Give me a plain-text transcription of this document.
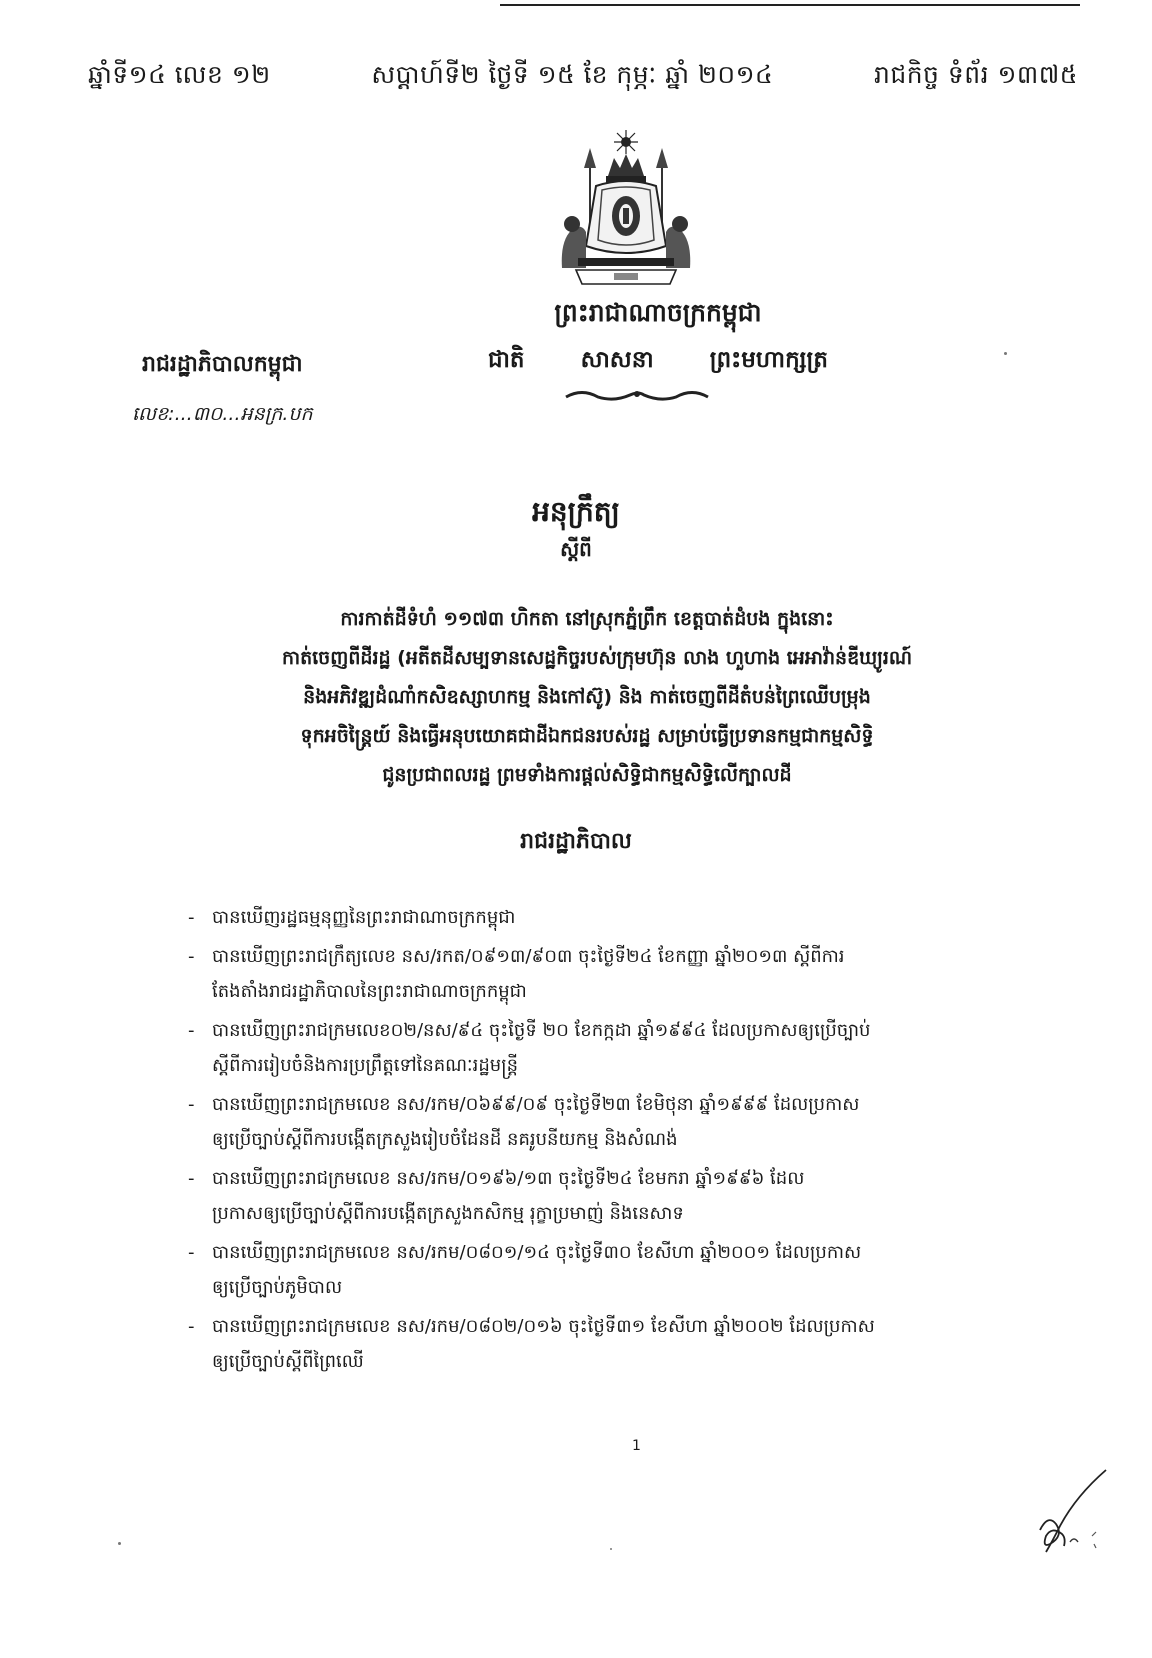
ឆ្នាំទី១៤ លេខ ១២	សប្តាហ៍ទី២ ថ្ងៃទី ១៥ ខែ កុម្ភៈ ឆ្នាំ ២០១៤	រាជកិច្ច ទំព័រ ១៣៧៥
ព្រះរាជាណាចក្រកម្ពុជា
ជាតិ សាសនា ព្រះមហាក្សត្រ
រាជរដ្ឋាភិបាលកម្ពុជា
លេខ:...៣០...អនក្រ.បក
អនុក្រឹត្យ
ស្តីពី
ការកាត់ដីទំហំ ១១៧៣ ហិកតា នៅស្រុកភ្នំព្រឹក ខេត្តបាត់ដំបង ក្នុងនោះ
កាត់ចេញពីដីរដ្ឋ (អតីតដីសម្បទានសេដ្ឋកិច្ចរបស់ក្រុមហ៊ុន លាង ហួហាង អេអាវ៉ាន់ឌីឃ្យូរណ៍
និងអភិវឌ្ឍដំណាំកសិឧស្សាហកម្ម និងកៅស៊ូ) និង កាត់ចេញពីដីតំបន់ព្រៃឈើបម្រុង
ទុកអចិន្ត្រៃយ៍ និងធ្វើអនុបយោគជាដីឯកជនរបស់រដ្ឋ សម្រាប់ធ្វើប្រទានកម្មជាកម្មសិទ្ធិ
ជូនប្រជាពលរដ្ឋ ព្រមទាំងការផ្តល់សិទ្ធិជាកម្មសិទ្ធិលើក្បាលដី
រាជរដ្ឋាភិបាល
- បានឃើញរដ្ឋធម្មនុញ្ញនៃព្រះរាជាណាចក្រកម្ពុជា

- បានឃើញព្រះរាជក្រឹត្យលេខ នស/រកត/០៩១៣/៩០៣ ចុះថ្ងៃទី២៤ ខែកញ្ញា ឆ្នាំ២០១៣ ស្តីពីការ

តែងតាំងរាជរដ្ឋាភិបាលនៃព្រះរាជាណាចក្រកម្ពុជា

- បានឃើញព្រះរាជក្រមលេខ០២/នស/៩៤ ចុះថ្ងៃទី ២០ ខែកក្កដា ឆ្នាំ១៩៩៤ ដែលប្រកាសឲ្យប្រើច្បាប់

ស្តីពីការរៀបចំនិងការប្រព្រឹត្តទៅនៃគណៈរដ្ឋមន្ត្រី

- បានឃើញព្រះរាជក្រមលេខ នស/រកម/០៦៩៩/០៩ ចុះថ្ងៃទី២៣ ខែមិថុនា ឆ្នាំ១៩៩៩ ដែលប្រកាស

ឲ្យប្រើច្បាប់ស្តីពីការបង្កើតក្រសួងរៀបចំដែនដី នគរូបនីយកម្ម និងសំណង់

- បានឃើញព្រះរាជក្រមលេខ នស/រកម/០១៩៦/១៣ ចុះថ្ងៃទី២៤ ខែមករា ឆ្នាំ១៩៩៦ ដែល

ប្រកាសឲ្យប្រើច្បាប់ស្តីពីការបង្កើតក្រសួងកសិកម្ម រុក្ខាប្រមាញ់ និងនេសាទ

- បានឃើញព្រះរាជក្រមលេខ នស/រកម/០៨០១/១៤ ចុះថ្ងៃទី៣០ ខែសីហា ឆ្នាំ២០០១ ដែលប្រកាស

ឲ្យប្រើច្បាប់ភូមិបាល

- បានឃើញព្រះរាជក្រមលេខ នស/រកម/០៨០២/០១៦ ចុះថ្ងៃទី៣១ ខែសីហា ឆ្នាំ២០០២ ដែលប្រកាស

ឲ្យប្រើច្បាប់ស្តីពីព្រៃឈើ

1
